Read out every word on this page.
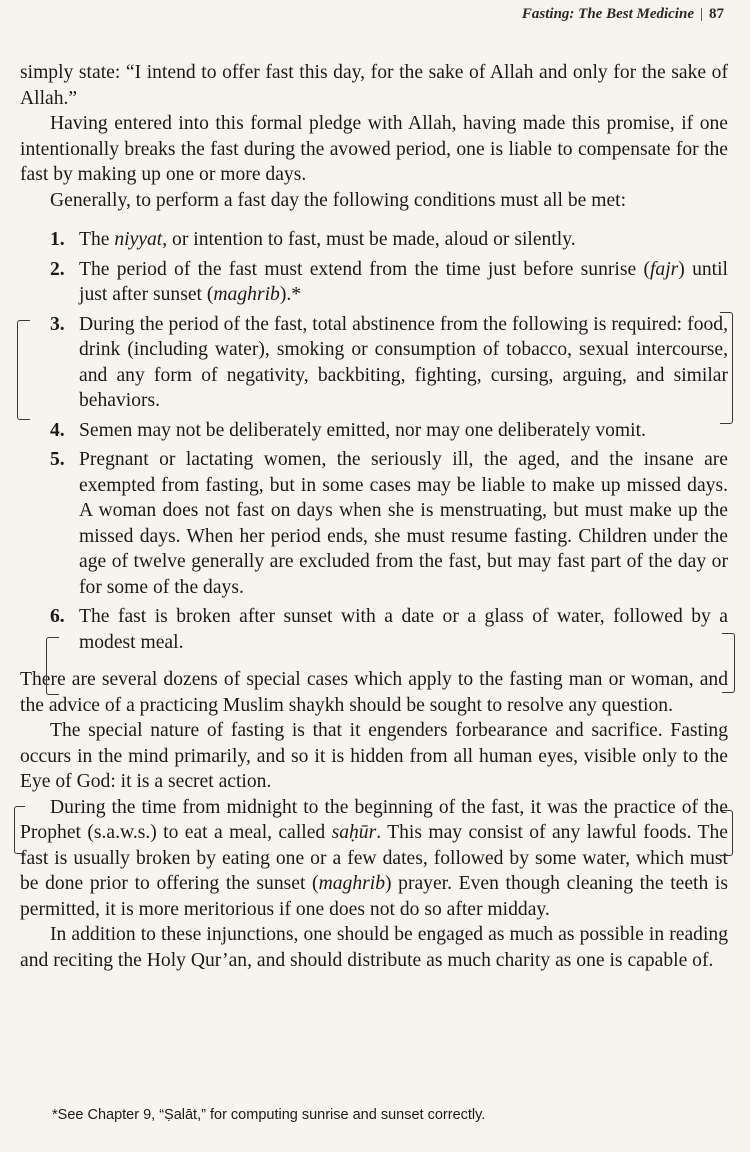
Fasting: The Best Medicine | 87

simply state: “I intend to offer fast this day, for the sake of Allah and only for the sake of Allah.”

Having entered into this formal pledge with Allah, having made this promise, if one intentionally breaks the fast during the avowed period, one is liable to compensate for the fast by making up one or more days.

Generally, to perform a fast day the following conditions must all be met:

1. The niyyat, or intention to fast, must be made, aloud or silently.
2. The period of the fast must extend from the time just before sunrise (fajr) until just after sunset (maghrib).*
3. During the period of the fast, total abstinence from the following is required: food, drink (including water), smoking or consumption of tobacco, sexual intercourse, and any form of negativity, backbiting, fighting, cursing, arguing, and similar behaviors.
4. Semen may not be deliberately emitted, nor may one deliberately vomit.
5. Pregnant or lactating women, the seriously ill, the aged, and the insane are exempted from fasting, but in some cases may be liable to make up missed days. A woman does not fast on days when she is menstruating, but must make up the missed days. When her period ends, she must resume fasting. Children under the age of twelve generally are excluded from the fast, but may fast part of the day or for some of the days.
6. The fast is broken after sunset with a date or a glass of water, followed by a modest meal.

There are several dozens of special cases which apply to the fasting man or woman, and the advice of a practicing Muslim shaykh should be sought to resolve any question.

The special nature of fasting is that it engenders forbearance and sacrifice. Fasting occurs in the mind primarily, and so it is hidden from all human eyes, visible only to the Eye of God: it is a secret action.

During the time from midnight to the beginning of the fast, it was the practice of the Prophet (s.a.w.s.) to eat a meal, called saḥūr. This may consist of any lawful foods. The fast is usually broken by eating one or a few dates, followed by some water, which must be done prior to offering the sunset (maghrib) prayer. Even though cleaning the teeth is permitted, it is more meritorious if one does not do so after midday.

In addition to these injunctions, one should be engaged as much as possible in reading and reciting the Holy Qur’an, and should distribute as much charity as one is capable of.

*See Chapter 9, “Ṣalāt,” for computing sunrise and sunset correctly.
